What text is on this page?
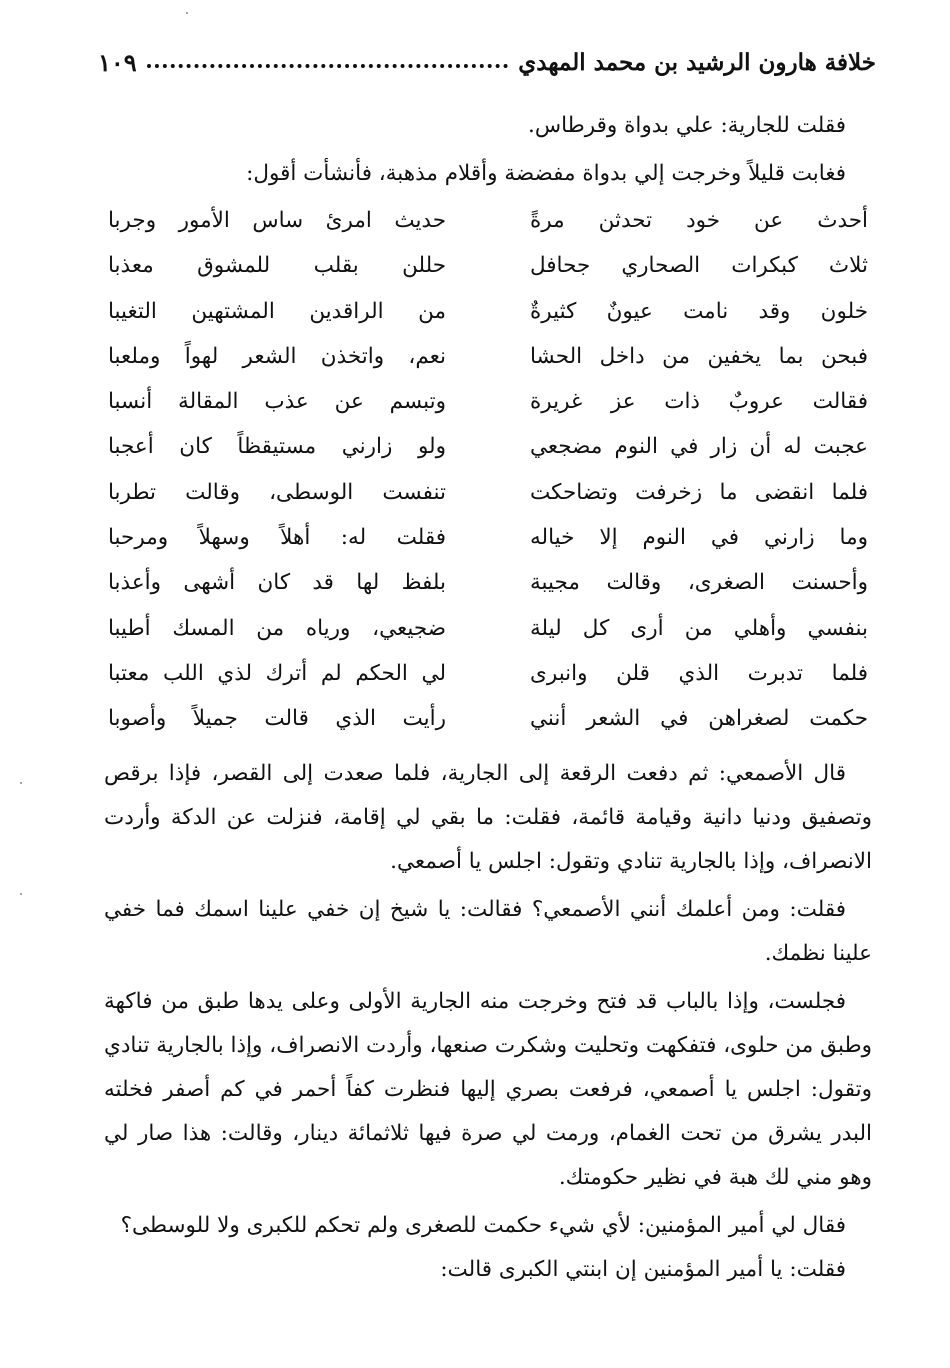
خلافة هارون الرشيد بن محمد المهدي
١٠٩

فقلت للجارية: علي بدواة وقرطاس.

فغابت قليلاً وخرجت إلي بدواة مفضضة وأقلام مذهبة، فأنشأت أقول:

أحدث عن خود تحدثن مرةً
حديث امرئ ساس الأمور وجربا
ثلاث كبكرات الصحاري جحافل
حللن بقلب للمشوق معذبا
خلون وقد نامت عيونٌ كثيرةٌ
من الراقدين المشتهين التغيبا
فبحن بما يخفين من داخل الحشا
نعم، واتخذن الشعر لهواً وملعبا
فقالت عروبٌ ذات عز غريرة
وتبسم عن عذب المقالة أنسبا
عجبت له أن زار في النوم مضجعي
ولو زارني مستيقظاً كان أعجبا
فلما انقضى ما زخرفت وتضاحكت
تنفست الوسطى، وقالت تطربا
وما زارني في النوم إلا خياله
فقلت له: أهلاً وسهلاً ومرحبا
وأحسنت الصغرى، وقالت مجيبة
بلفظ لها قد كان أشهى وأعذبا
بنفسي وأهلي من أرى كل ليلة
ضجيعي، ورياه من المسك أطيبا
فلما تدبرت الذي قلن وانبرى
لي الحكم لم أترك لذي اللب معتبا
حكمت لصغراهن في الشعر أنني
رأيت الذي قالت جميلاً وأصوبا

قال الأصمعي: ثم دفعت الرقعة إلى الجارية، فلما صعدت إلى القصر، فإذا برقص وتصفيق ودنيا دانية وقيامة قائمة، فقلت: ما بقي لي إقامة، فنزلت عن الدكة وأردت الانصراف، وإذا بالجارية تنادي وتقول: اجلس يا أصمعي.

فقلت: ومن أعلمك أنني الأصمعي؟ فقالت: يا شيخ إن خفي علينا اسمك فما خفي علينا نظمك.

فجلست، وإذا بالباب قد فتح وخرجت منه الجارية الأولى وعلى يدها طبق من فاكهة وطبق من حلوى، فتفكهت وتحليت وشكرت صنعها، وأردت الانصراف، وإذا بالجارية تنادي وتقول: اجلس يا أصمعي، فرفعت بصري إليها فنظرت كفاً أحمر في كم أصفر فخلته البدر يشرق من تحت الغمام، ورمت لي صرة فيها ثلاثمائة دينار، وقالت: هذا صار لي وهو مني لك هبة في نظير حكومتك.

فقال لي أمير المؤمنين: لأي شيء حكمت للصغرى ولم تحكم للكبرى ولا للوسطى؟

فقلت: يا أمير المؤمنين إن ابنتي الكبرى قالت:
